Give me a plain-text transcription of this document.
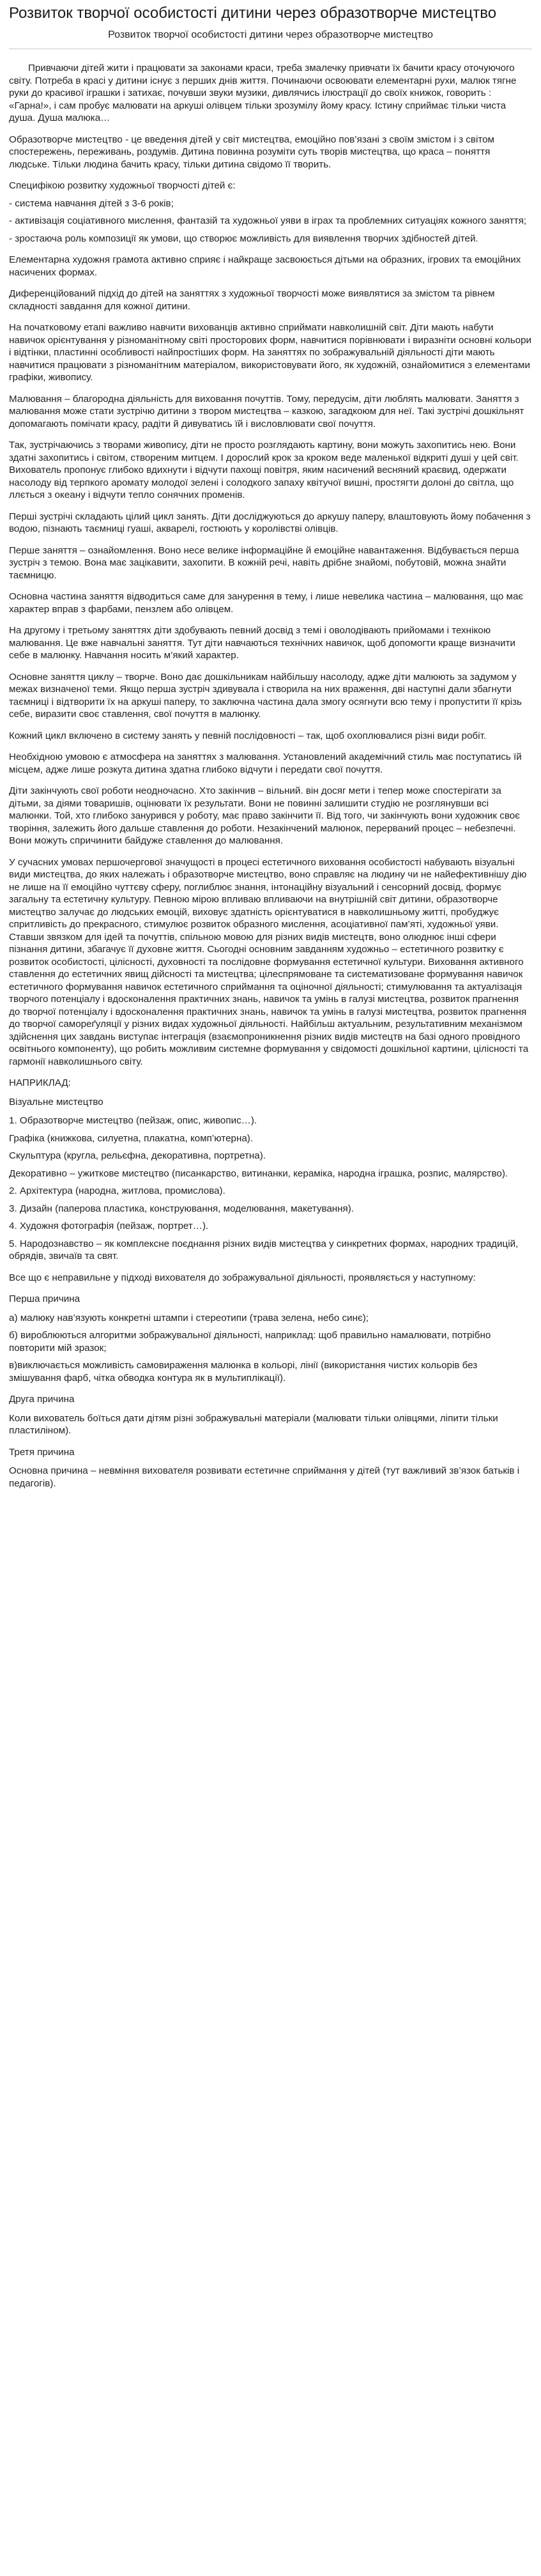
Розвиток творчої особистості дитини через образотворче мистецтво
Розвиток творчої особистості дитини через образотворче мистецтво

Привчаючи дітей жити і працювати за законами краси, треба змалечку привчати їх бачити красу оточуючого світу. Потреба в красі у дитини існує з перших днів життя. Починаючи освоювати елементарні рухи, малюк тягне руки до красивої іграшки і затихає, почувши звуки музики, дивлячись ілюстрації до своїх книжок, говорить : «Гарна!», і сам пробує малювати на аркуші олівцем тільки зрозумілу йому красу. Істину сприймає тільки чиста душа. Душа малюка…

Образотворче мистецтво - це введення дітей у світ мистецтва, емоційно пов’язані з своїм змістом і з світом спостережень, переживань, роздумів. Дитина повинна розуміти суть творів мистецтва, що краса – поняття людське. Тільки людина бачить красу, тільки дитина свідомо її творить.

Специфікою розвитку художньої творчості дітей є:

- система навчання дітей з 3-6 років;

- активізація соціативного мислення, фантазій та художньої уяви в іграх та проблемних ситуаціях кожного заняття;

- зростаюча роль композиції як умови, що створює можливість для виявлення творчих здібностей дітей.

Елементарна художня грамота активно сприяє і найкраще засвоюється дітьми на образних, ігрових та емоційних насичених формах.

Диференційований підхід до дітей на заняттях з художньої творчості може виявлятися за змістом та рівнем складності завдання для кожної дитини.

На початковому етапі важливо навчити вихованців активно сприймати навколишній світ. Діти мають набути навичок орієнтування у різноманітному світі просторових форм, навчитися порівнювати і виразніти основні кольори і відтінки, пластинні особливості найпростіших форм. На заняттях по зображувальній діяльності діти мають навчитися працювати з різноманітним матеріалом, використовувати його, як художній, ознайомитися з елементами графіки, живопису.

Малювання – благородна діяльність для виховання почуттів. Тому, передусім, діти люблять малювати. Заняття з малювання може стати зустрічю дитини з твором мистецтва – казкою, загадкоюм для неї. Такі зустрічі дошкільнят допомагають помічати красу, радіти й дивуватись їй і висловлювати свої почуття.

Так, зустрічаючись з творами живопису, діти не просто розглядають картину, вони можуть захопитись нею. Вони здатні захопитись і світом, створеним митцем. І дорослий крок за кроком веде маленької відкриті душі у цей світ. Вихователь пропонує глибоко вдихнути і відчути пахощі повітря, яким насичений весняний краєвид, одержати насолоду від терпкого аромату молодої зелені і солодкого запаху квітучої вишні, простягти долоні до світла, що ллється з океану і відчути тепло сонячних променів.

Перші зустрічі складають цілий цикл занять. Діти досліджуються до аркушу паперу, влаштовують йому побачення з водою, пізнають таємниці гуаші, акварелі, гостюють у королівстві олівців.

Перше заняття – ознайомлення. Воно несе велике інформаційне й емоційне навантаження. Відбувається перша зустріч з темою. Вона має зацікавити, захопити. В кожній речі, навіть дрібне знайомі, побутовій, можна знайти таємницю.

Основна частина заняття відводиться саме для занурення в тему, і лише невелика частина – малювання, що має характер вправ з фарбами, пензлем або олівцем.

На другому і третьому заняттях діти здобувають певний досвід з темі і оволодівають прийомами і технікою малювання. Це вже навчальні заняття. Тут діти навчаються технічних навичок, щоб допомогти краще визначити себе в малюнку. Навчання носить м’який характер.

Основне заняття циклу – творче. Воно дає дошкільникам найбільшу насолоду, адже діти малюють за задумом у межах визначеної теми. Якщо перша зустріч здивувала і створила на них враження, дві наступні дали збагнути таємниці і відтворити їх на аркуші паперу, то заключна частина дала змогу осягнути всю тему і пропустити її крізь себе, виразити своє ставлення, свої почуття в малюнку.

Кожний цикл включено в систему занять у певній послідовності – так, щоб охоплювалися різні види робіт.

Необхідною умовою є атмосфера на заняттях з малювання. Установлений академічний стиль має поступатись їй місцем, адже лише розкута дитина здатна глибоко відчути і передати свої почуття.

Діти закінчують свої роботи неодночасно. Хто закінчив – вільний. він досяг мети і тепер може спостерігати за дітьми, за діями товаришів, оцінювати їх результати. Вони не повинні залишити студію не розглянувши всі малюнки. Той, хто глибоко занурився у роботу, має право закінчити її. Від того, чи закінчують вони художник своє творіння, залежить його дальше ставлення до роботи. Незакінчений малюнок, перерваний процес – небезпечні. Вони можуть спричинити байдуже ставлення до малювання.

У сучасних умовах першочергової значущості в процесі естетичного виховання особистості набувають візуальні види мистецтва, до яких належать і образотворче мистецтво, воно справляє на людину чи не найефективнішу дію не лише на її емоційно чуттєву сферу, поглиблює знання, інтонаційну візуальний і сенсорний досвід, формує загальну та естетичну культуру. Певною мірою впливаю впливаючи на внутрішній світ дитини, образотворче мистецтво залучає до людських емоцій, виховує здатність орієнтуватися в навколишньому житті, пробуджує спритливість до прекрасного, стимулює розвиток образного мислення, асоціативної пам’яті, художньої уяви. Ставши звязком для ідей та почуттів, спільною мовою для різних видів мистецтв, воно олюднює інші сфери пізнання дитини, збагачує її духовне життя. Сьогодні основним завданням художньо – естетичного розвитку є розвиток особистості, цілісності, духовності та послідовне формування естетичної культури. Виховання активного ставлення до естетичних явищ дійсності та мистецтва; цілеспрямоване та систематизоване формування навичок естетичного формування навичок естетичного сприймання та оціночної діяльності; стимулювання та актуалізація творчого потенціалу і вдосконалення практичних знань, навичок та умінь в галузі мистецтва, розвиток прагнення до творчої потенціалу і вдосконалення практичних знань, навичок та умінь в галузі мистецтва, розвиток прагнення до творчої самореґуляції у різних видах художньої діяльності. Найбільш актуальним, результативним механізмом здійснення цих завдань виступає інтеграція (взаємопроникнення різних видів мистецтв на базі одного провідного освітнього компоненту), що робить можливим системне формування у свідомості дошкільної картини, цілісності та гармонії навколишнього світу.

НАПРИКЛАД:

Візуальне мистецтво

1. Образотворче мистецтво (пейзаж, опис, живопис…).

Графіка (книжкова, силуетна, плакатна, комп’ютерна).

Скульптура (кругла, рельєфна, декоративна, портретна).

Декоративно – ужиткове мистецтво (писанкарство, витинанки, кераміка, народна іграшка, розпис, малярство).

2. Архітектура (народна, житлова, промислова).

3. Дизайн (паперова пластика, конструювання, моделювання, макетування).

4. Художня фотографія (пейзаж, портрет…).

5. Народознавство – як комплексне поєднання різних видів мистецтва у синкретних формах, народних традицій, обрядів, звичаїв та свят.

Все що є неправильне у підході вихователя до зображувальної діяльності, проявляється у наступному:

Перша причина

а) малюку нав’язують конкретні штампи і стереотипи (трава зелена, небо синє);

б) вироблюються алгоритми зображувальної діяльності, наприклад: щоб правильно намалювати, потрібно повторити мій зразок;

в)виключається можливість самовираження малюнка в кольорі, лінії (використання чистих кольорів без змішування фарб, чітка обводка контура як в мультиплікації).

Друга причина

Коли вихователь боїться дати дітям різні зображувальні матеріали (малювати тільки олівцями, ліпити тільки пластиліном).

Третя причина

Основна причина – невміння вихователя розвивати естетичне сприймання у дітей (тут важливий зв’язок батьків і педагогів).
